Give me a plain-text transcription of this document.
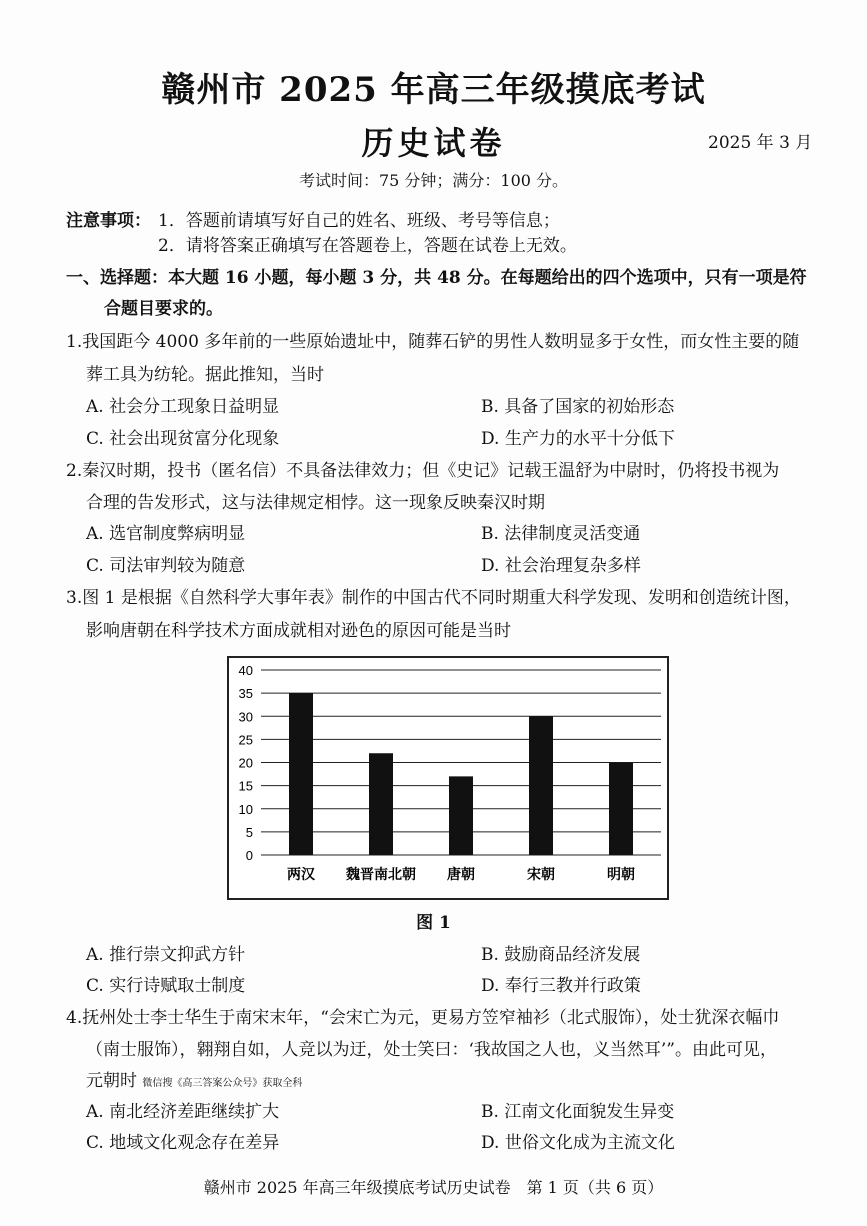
赣州市 2025 年高三年级摸底考试
历史试卷	2025 年 3 月
考试时间：75 分钟；满分：100 分。
注意事项： 1．答题前请填写好自己的姓名、班级、考号等信息；
2．请将答案正确填写在答题卷上，答题在试卷上无效。
一、选择题：本大题 16 小题，每小题 3 分，共 48 分。在每题给出的四个选项中，只有一项是符
合题目要求的。
1.我国距今 4000 多年前的一些原始遗址中，随葬石铲的男性人数明显多于女性，而女性主要的随
葬工具为纺轮。据此推知，当时
A. 社会分工现象日益明显	B. 具备了国家的初始形态
C. 社会出现贫富分化现象	D. 生产力的水平十分低下
2.秦汉时期，投书（匿名信）不具备法律效力；但《史记》记载王温舒为中尉时，仍将投书视为
合理的告发形式，这与法律规定相悖。这一现象反映秦汉时期
A. 选官制度弊病明显	B. 法律制度灵活变通
C. 司法审判较为随意	D. 社会治理复杂多样
3.图 1 是根据《自然科学大事年表》制作的中国古代不同时期重大科学发现、发明和创造统计图，
影响唐朝在科学技术方面成就相对逊色的原因可能是当时
0
5
10
15
20
25
30
35
40
两汉 魏晋南北朝 唐朝	宋朝	明朝
图 1
A. 推行崇文抑武方针	B. 鼓励商品经济发展
C. 实行诗赋取士制度	D. 奉行三教并行政策
4.抚州处士李士华生于南宋末年，“会宋亡为元，更易方笠窄袖衫（北式服饰），处士犹深衣幅巾
（南士服饰），翱翔自如，人竞以为迂，处士笑曰：‘我故国之人也，义当然耳’”。由此可见，
元朝时 微信搜《高三答案公众号》获取全科
A. 南北经济差距继续扩大	B. 江南文化面貌发生异变
C. 地域文化观念存在差异	D. 世俗文化成为主流文化
赣州市 2025 年高三年级摸底考试历史试卷　第 1 页（共 6 页）
